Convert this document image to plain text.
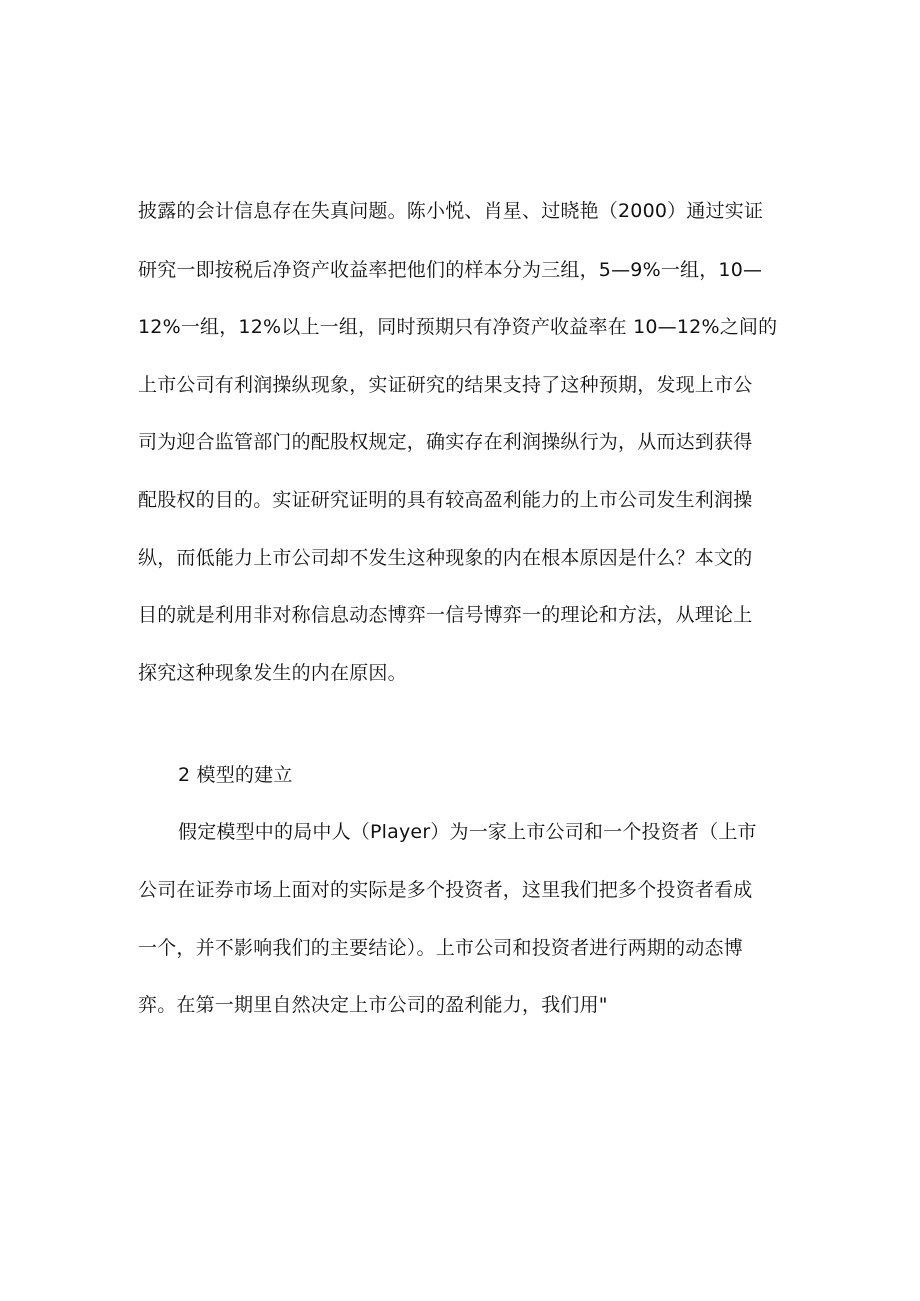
披露的会计信息存在失真问题。陈小悦、肖星、过晓艳（2000）通过实证
研究一即按税后净资产收益率把他们的样本分为三组，5—9%一组，10—
12%一组，12%以上一组，同时预期只有净资产收益率在 10—12%之间的
上市公司有利润操纵现象，实证研究的结果支持了这种预期，发现上市公
司为迎合监管部门的配股权规定，确实存在利润操纵行为，从而达到获得
配股权的目的。实证研究证明的具有较高盈利能力的上市公司发生利润操
纵，而低能力上市公司却不发生这种现象的内在根本原因是什么？本文的
目的就是利用非对称信息动态博弈一信号博弈一的理论和方法，从理论上
探究这种现象发生的内在原因。
2 模型的建立
假定模型中的局中人（Player）为一家上市公司和一个投资者（上市
公司在证券市场上面对的实际是多个投资者，这里我们把多个投资者看成
一个，并不影响我们的主要结论）。上市公司和投资者进行两期的动态博
弈。在第一期里自然决定上市公司的盈利能力，我们用"
